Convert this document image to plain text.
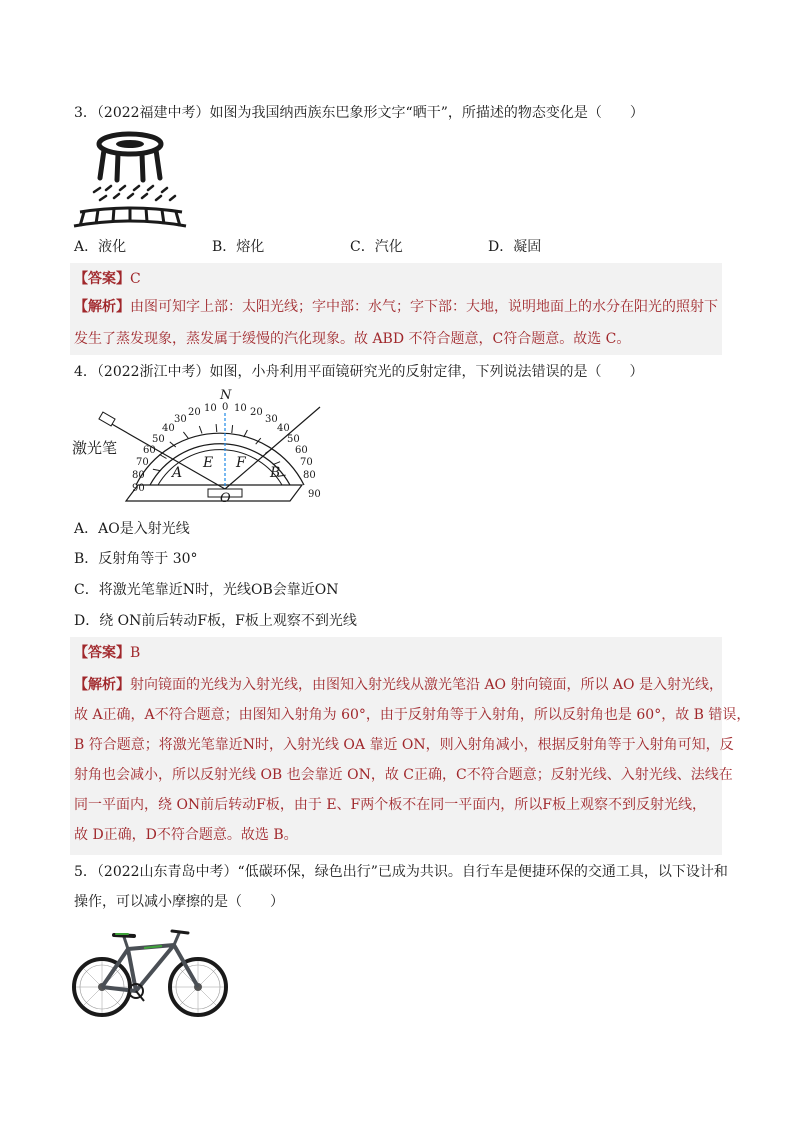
3．（2022福建中考）如图为我国纳西族东巴象形文字“晒干”，所描述的物态变化是（　　）
A．液化	B．熔化	C．汽化	D．凝固
【答案】C
【解析】由图可知字上部：太阳光线；字中部：水气；字下部：大地，说明地面上的水分在阳光的照射下
发生了蒸发现象，蒸发属于缓慢的汽化现象。故 ABD 不符合题意，C符合题意。故选 C。
4．（2022浙江中考）如图，小舟利用平面镜研究光的反射定律，下列说法错误的是（　　）
90
80
70
60
50
40
30
20 10 0 10 20
30
40
50
60
70
80
90
N
激光笔
A
E F
B
O
A．AO是入射光线
B．反射角等于 30°
C．将激光笔靠近N时，光线OB会靠近ON
D．绕 ON前后转动F板，F板上观察不到光线
【答案】B
【解析】射向镜面的光线为入射光线，由图知入射光线从激光笔沿 AO 射向镜面，所以 AO 是入射光线，
故 A正确，A不符合题意；由图知入射角为 60°，由于反射角等于入射角，所以反射角也是 60°，故 B 错误，
B 符合题意；将激光笔靠近N时，入射光线 OA 靠近 ON，则入射角减小，根据反射角等于入射角可知，反
射角也会减小，所以反射光线 OB 也会靠近 ON，故 C正确，C不符合题意；反射光线、入射光线、法线在
同一平面内，绕 ON前后转动F板，由于 E、F两个板不在同一平面内，所以F板上观察不到反射光线，
故 D正确，D不符合题意。故选 B。
5．（2022山东青岛中考）“低碳环保，绿色出行”已成为共识。自行车是便捷环保的交通工具，以下设计和
操作，可以减小摩擦的是（　　）
